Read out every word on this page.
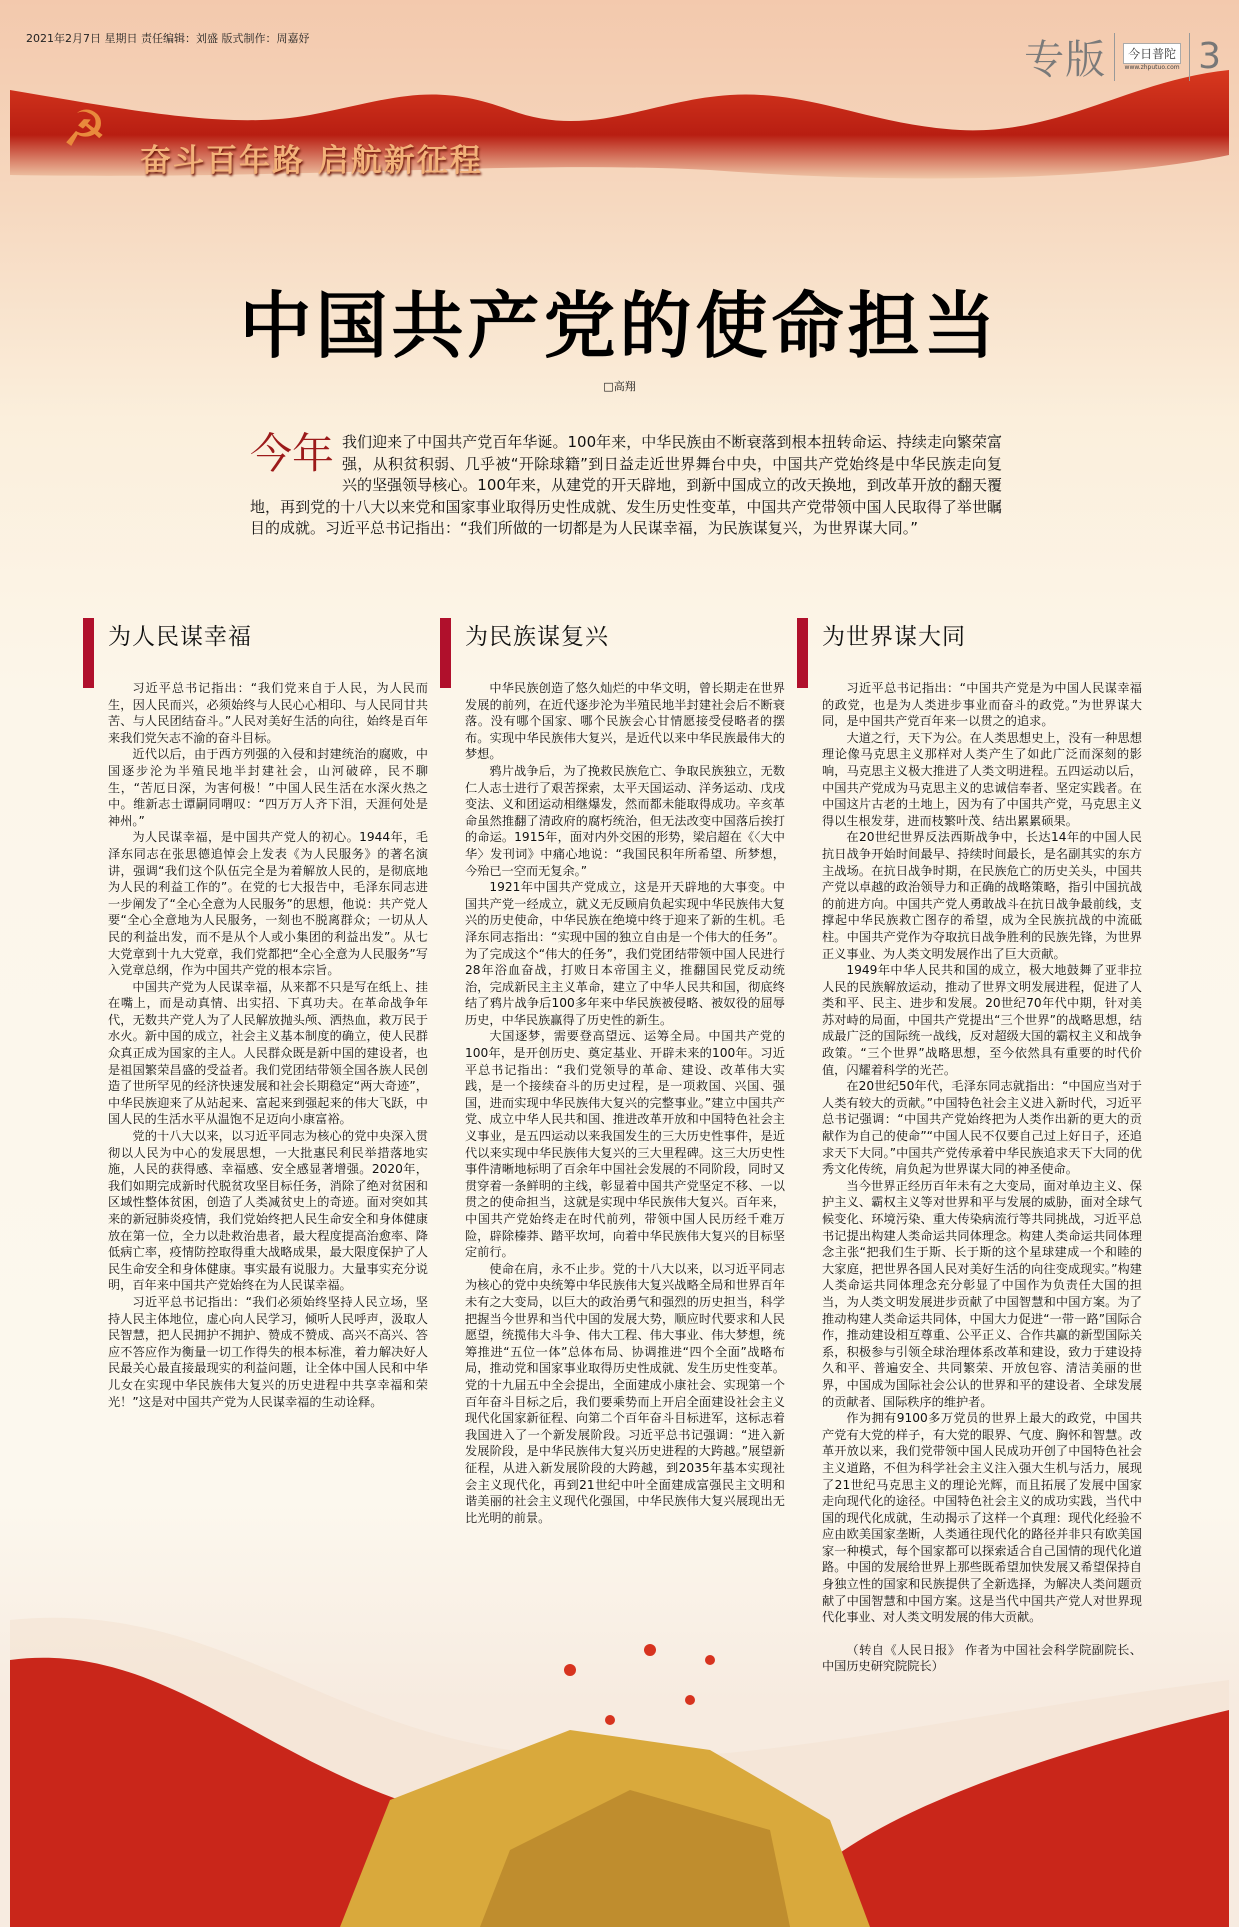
2021年2月7日 星期日 责任编辑：刘盛 版式制作：周嘉妤	专版	今日普陀
www.zhputuo.com 3
☭
奋斗百年路 启航新征程
中国共产党的使命担当
□高翔
今年 我们迎来了中国共产党百年华诞。100年来，中华民族由不断衰落到根本扭转命运、持续走向繁荣富强，从积贫积弱、几乎被“开除球籍”到日益走近世界舞台中央，中国共产党始终是中华民族走向复兴的坚强领导核心。100年来，从建党的开天辟地，到新中国成立的改天换地，到改革开放的翻天覆地，再到党的十八大以来党和国家事业取得历史性成就、发生历史性变革，中国共产党带领中国人民取得了举世瞩目的成就。习近平总书记指出：“我们所做的一切都是为人民谋幸福，为民族谋复兴，为世界谋大同。”
为人民谋幸福

习近平总书记指出：“我们党来自于人民，为人民而生，因人民而兴，必须始终与人民心心相印、与人民同甘共苦、与人民团结奋斗。”人民对美好生活的向往，始终是百年来我们党矢志不渝的奋斗目标。

近代以后，由于西方列强的入侵和封建统治的腐败，中国逐步沦为半殖民地半封建社会，山河破碎，民不聊生，“苦厄日深，为害何极！”中国人民生活在水深火热之中。维新志士谭嗣同喟叹：“四万万人齐下泪，天涯何处是神州。”

为人民谋幸福，是中国共产党人的初心。1944年，毛泽东同志在张思德追悼会上发表《为人民服务》的著名演讲，强调“我们这个队伍完全是为着解放人民的，是彻底地为人民的利益工作的”。在党的七大报告中，毛泽东同志进一步阐发了“全心全意为人民服务”的思想，他说：共产党人要“全心全意地为人民服务，一刻也不脱离群众；一切从人民的利益出发，而不是从个人或小集团的利益出发”。从七大党章到十九大党章，我们党都把“全心全意为人民服务”写入党章总纲，作为中国共产党的根本宗旨。

中国共产党为人民谋幸福，从来都不只是写在纸上、挂在嘴上，而是动真情、出实招、下真功夫。在革命战争年代，无数共产党人为了人民解放抛头颅、洒热血，救万民于水火。新中国的成立，社会主义基本制度的确立，使人民群众真正成为国家的主人。人民群众既是新中国的建设者，也是祖国繁荣昌盛的受益者。我们党团结带领全国各族人民创造了世所罕见的经济快速发展和社会长期稳定“两大奇迹”，中华民族迎来了从站起来、富起来到强起来的伟大飞跃，中国人民的生活水平从温饱不足迈向小康富裕。

党的十八大以来，以习近平同志为核心的党中央深入贯彻以人民为中心的发展思想，一大批惠民利民举措落地实施，人民的获得感、幸福感、安全感显著增强。2020年，我们如期完成新时代脱贫攻坚目标任务，消除了绝对贫困和区域性整体贫困，创造了人类减贫史上的奇迹。面对突如其来的新冠肺炎疫情，我们党始终把人民生命安全和身体健康放在第一位，全力以赴救治患者，最大程度提高治愈率、降低病亡率，疫情防控取得重大战略成果，最大限度保护了人民生命安全和身体健康。事实最有说服力。大量事实充分说明，百年来中国共产党始终在为人民谋幸福。

习近平总书记指出：“我们必须始终坚持人民立场，坚持人民主体地位，虚心向人民学习，倾听人民呼声，汲取人民智慧，把人民拥护不拥护、赞成不赞成、高兴不高兴、答应不答应作为衡量一切工作得失的根本标准，着力解决好人民最关心最直接最现实的利益问题，让全体中国人民和中华儿女在实现中华民族伟大复兴的历史进程中共享幸福和荣光！”这是对中国共产党为人民谋幸福的生动诠释。

为民族谋复兴

中华民族创造了悠久灿烂的中华文明，曾长期走在世界发展的前列，在近代逐步沦为半殖民地半封建社会后不断衰落。没有哪个国家、哪个民族会心甘情愿接受侵略者的摆布。实现中华民族伟大复兴，是近代以来中华民族最伟大的梦想。

鸦片战争后，为了挽救民族危亡、争取民族独立，无数仁人志士进行了艰苦探索，太平天国运动、洋务运动、戊戌变法、义和团运动相继爆发，然而都未能取得成功。辛亥革命虽然推翻了清政府的腐朽统治，但无法改变中国落后挨打的命运。1915年，面对内外交困的形势，梁启超在《〈大中华〉发刊词》中痛心地说：“我国民积年所希望、所梦想，今殆已一空而无复余。”

1921年中国共产党成立，这是开天辟地的大事变。中国共产党一经成立，就义无反顾肩负起实现中华民族伟大复兴的历史使命，中华民族在绝境中终于迎来了新的生机。毛泽东同志指出：“实现中国的独立自由是一个伟大的任务”。为了完成这个“伟大的任务”，我们党团结带领中国人民进行28年浴血奋战，打败日本帝国主义，推翻国民党反动统治，完成新民主主义革命，建立了中华人民共和国，彻底终结了鸦片战争后100多年来中华民族被侵略、被奴役的屈辱历史，中华民族赢得了历史性的新生。

大国逐梦，需要登高望远、运筹全局。中国共产党的100年，是开创历史、奠定基业、开辟未来的100年。习近平总书记指出：“我们党领导的革命、建设、改革伟大实践，是一个接续奋斗的历史过程，是一项救国、兴国、强国，进而实现中华民族伟大复兴的完整事业。”建立中国共产党、成立中华人民共和国、推进改革开放和中国特色社会主义事业，是五四运动以来我国发生的三大历史性事件，是近代以来实现中华民族伟大复兴的三大里程碑。这三大历史性事件清晰地标明了百余年中国社会发展的不同阶段，同时又贯穿着一条鲜明的主线，彰显着中国共产党坚定不移、一以贯之的使命担当，这就是实现中华民族伟大复兴。百年来，中国共产党始终走在时代前列，带领中国人民历经千难万险，辟除榛莽、踏平坎坷，向着中华民族伟大复兴的目标坚定前行。

使命在肩，永不止步。党的十八大以来，以习近平同志为核心的党中央统筹中华民族伟大复兴战略全局和世界百年未有之大变局，以巨大的政治勇气和强烈的历史担当，科学把握当今世界和当代中国的发展大势，顺应时代要求和人民愿望，统揽伟大斗争、伟大工程、伟大事业、伟大梦想，统筹推进“五位一体”总体布局、协调推进“四个全面”战略布局，推动党和国家事业取得历史性成就、发生历史性变革。党的十九届五中全会提出，全面建成小康社会、实现第一个百年奋斗目标之后，我们要乘势而上开启全面建设社会主义现代化国家新征程、向第二个百年奋斗目标进军，这标志着我国进入了一个新发展阶段。习近平总书记强调：“进入新发展阶段，是中华民族伟大复兴历史进程的大跨越。”展望新征程，从进入新发展阶段的大跨越，到2035年基本实现社会主义现代化，再到21世纪中叶全面建成富强民主文明和谐美丽的社会主义现代化强国，中华民族伟大复兴展现出无比光明的前景。

为世界谋大同

习近平总书记指出：“中国共产党是为中国人民谋幸福的政党，也是为人类进步事业而奋斗的政党。”为世界谋大同，是中国共产党百年来一以贯之的追求。

大道之行，天下为公。在人类思想史上，没有一种思想理论像马克思主义那样对人类产生了如此广泛而深刻的影响，马克思主义极大推进了人类文明进程。五四运动以后，中国共产党成为马克思主义的忠诚信奉者、坚定实践者。在中国这片古老的土地上，因为有了中国共产党，马克思主义得以生根发芽，进而枝繁叶茂、结出累累硕果。

在20世纪世界反法西斯战争中，长达14年的中国人民抗日战争开始时间最早、持续时间最长，是名副其实的东方主战场。在抗日战争时期，在民族危亡的历史关头，中国共产党以卓越的政治领导力和正确的战略策略，指引中国抗战的前进方向。中国共产党人勇敢战斗在抗日战争最前线，支撑起中华民族救亡图存的希望，成为全民族抗战的中流砥柱。中国共产党作为夺取抗日战争胜利的民族先锋，为世界正义事业、为人类文明发展作出了巨大贡献。

1949年中华人民共和国的成立，极大地鼓舞了亚非拉人民的民族解放运动，推动了世界文明发展进程，促进了人类和平、民主、进步和发展。20世纪70年代中期，针对美苏对峙的局面，中国共产党提出“三个世界”的战略思想，结成最广泛的国际统一战线，反对超级大国的霸权主义和战争政策。“三个世界”战略思想，至今依然具有重要的时代价值，闪耀着科学的光芒。

在20世纪50年代，毛泽东同志就指出：“中国应当对于人类有较大的贡献。”中国特色社会主义进入新时代，习近平总书记强调：“中国共产党始终把为人类作出新的更大的贡献作为自己的使命”“中国人民不仅要自己过上好日子，还追求天下大同。”中国共产党传承着中华民族追求天下大同的优秀文化传统，肩负起为世界谋大同的神圣使命。

当今世界正经历百年未有之大变局，面对单边主义、保护主义、霸权主义等对世界和平与发展的威胁，面对全球气候变化、环境污染、重大传染病流行等共同挑战，习近平总书记提出构建人类命运共同体理念。构建人类命运共同体理念主张“把我们生于斯、长于斯的这个星球建成一个和睦的大家庭，把世界各国人民对美好生活的向往变成现实。”构建人类命运共同体理念充分彰显了中国作为负责任大国的担当，为人类文明发展进步贡献了中国智慧和中国方案。为了推动构建人类命运共同体，中国大力促进“一带一路”国际合作，推动建设相互尊重、公平正义、合作共赢的新型国际关系，积极参与引领全球治理体系改革和建设，致力于建设持久和平、普遍安全、共同繁荣、开放包容、清洁美丽的世界，中国成为国际社会公认的世界和平的建设者、全球发展的贡献者、国际秩序的维护者。

作为拥有9100多万党员的世界上最大的政党，中国共产党有大党的样子，有大党的眼界、气度、胸怀和智慧。改革开放以来，我们党带领中国人民成功开创了中国特色社会主义道路，不但为科学社会主义注入强大生机与活力，展现了21世纪马克思主义的理论光辉，而且拓展了发展中国家走向现代化的途径。中国特色社会主义的成功实践，当代中国的现代化成就，生动揭示了这样一个真理：现代化经验不应由欧美国家垄断，人类通往现代化的路径并非只有欧美国家一种模式，每个国家都可以探索适合自己国情的现代化道路。中国的发展给世界上那些既希望加快发展又希望保持自身独立性的国家和民族提供了全新选择，为解决人类问题贡献了中国智慧和中国方案。这是当代中国共产党人对世界现代化事业、对人类文明发展的伟大贡献。

（转自《人民日报》 作者为中国社会科学院副院长、中国历史研究院院长）
